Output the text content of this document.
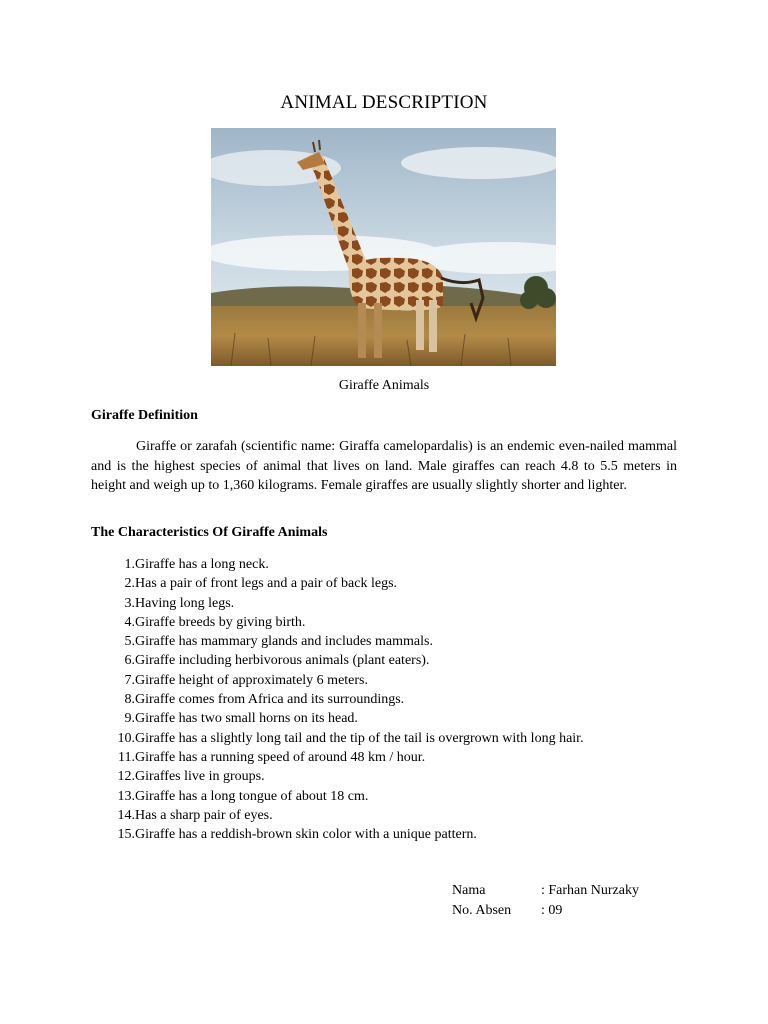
ANIMAL DESCRIPTION
Giraffe Animals
Giraffe Definition

Giraffe or zarafah (scientific name: Giraffa camelopardalis) is an endemic even-nailed mammal and is the highest species of animal that lives on land. Male giraffes can reach 4.8 to 5.5 meters in height and weigh up to 1,360 kilograms. Female giraffes are usually slightly shorter and lighter.

The Characteristics Of Giraffe Animals
1. Giraffe has a long neck.
2. Has a pair of front legs and a pair of back legs.
3. Having long legs.
4. Giraffe breeds by giving birth.
5. Giraffe has mammary glands and includes mammals.
6. Giraffe including herbivorous animals (plant eaters).
7. Giraffe height of approximately 6 meters.
8. Giraffe comes from Africa and its surroundings.
9. Giraffe has two small horns on its head.
10. Giraffe has a slightly long tail and the tip of the tail is overgrown with long hair.
11. Giraffe has a running speed of around 48 km / hour.
12. Giraffes live in groups.
13. Giraffe has a long tongue of about 18 cm.
14. Has a sharp pair of eyes.
15. Giraffe has a reddish-brown skin color with a unique pattern.
Nama	: Farhan Nurzaky
No. Absen	: 09
